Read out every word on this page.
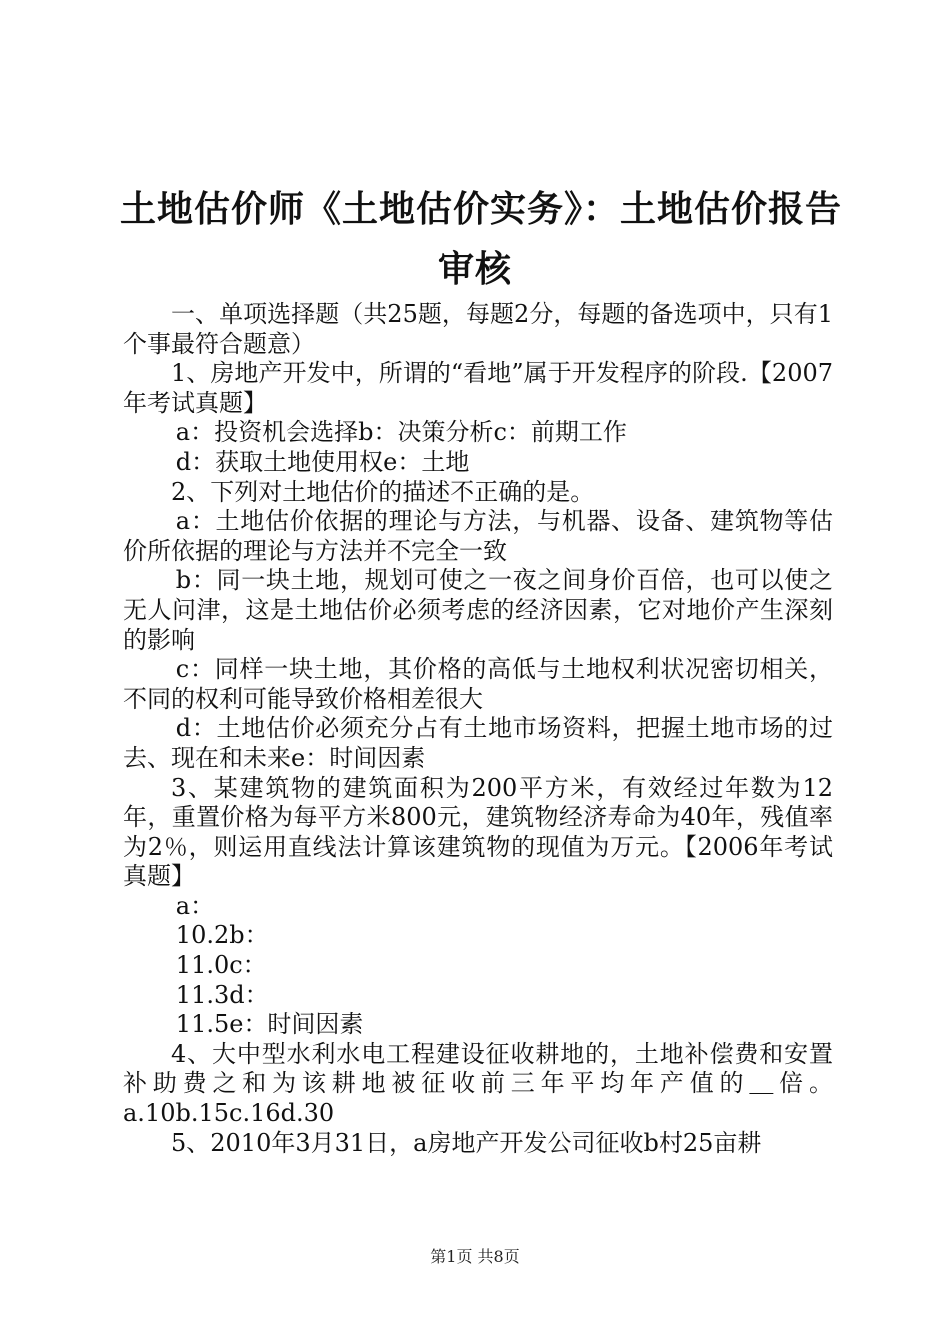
土地估价师《土地估价实务》：土地估价报告
审核

一、单项选择题（共25题，每题2分，每题的备选项中，只有1个事最符合题意）

1、房地产开发中，所谓的“看地”属于开发程序的阶段.【2007年考试真题】

a：投资机会选择b：决策分析c：前期工作

d：获取土地使用权e：土地

2、下列对土地估价的描述不正确的是。

a：土地估价依据的理论与方法，与机器、设备、建筑物等估价所依据的理论与方法并不完全一致

b：同一块土地，规划可使之一夜之间身价百倍，也可以使之无人问津，这是土地估价必须考虑的经济因素，它对地价产生深刻的影响

c：同样一块土地，其价格的高低与土地权利状况密切相关，不同的权利可能导致价格相差很大

d：土地估价必须充分占有土地市场资料，把握土地市场的过去、现在和未来e：时间因素

3、某建筑物的建筑面积为200平方米，有效经过年数为12年，重置价格为每平方米800元，建筑物经济寿命为40年，残值率为2％，则运用直线法计算该建筑物的现值为万元。【2006年考试真题】

a：

10.2b：

11.0c：

11.3d：

11.5e：时间因素

4、大中型水利水电工程建设征收耕地的，土地补偿费和安置补助费之和为该耕地被征收前三年平均年产值的＿倍。a.10b.15c.16d.30

5、2010年3月31日，a房地产开发公司征收b村25亩耕

第1页 共8页
